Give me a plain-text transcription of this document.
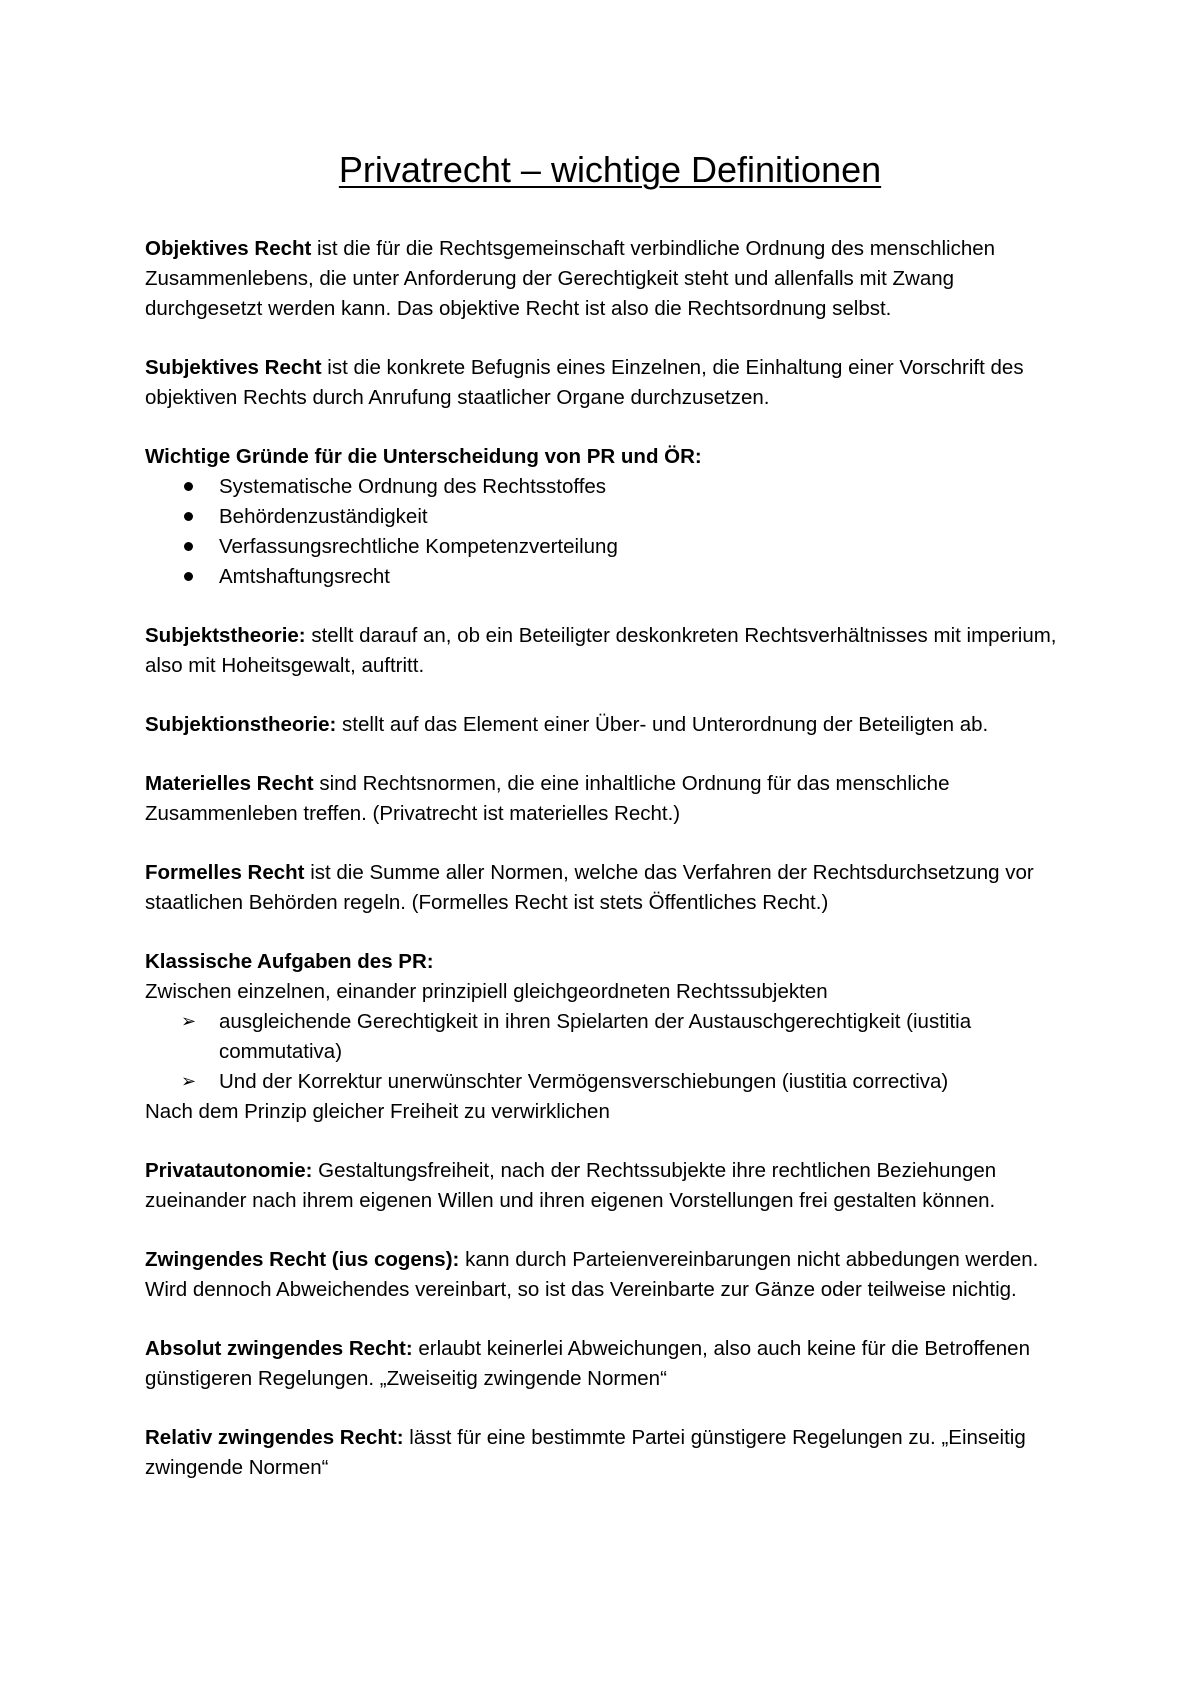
Privatrecht – wichtige Definitionen

Objektives Recht ist die für die Rechtsgemeinschaft verbindliche Ordnung des menschlichen Zusammenlebens, die unter Anforderung der Gerechtigkeit steht und allenfalls mit Zwang durchgesetzt werden kann. Das objektive Recht ist also die Rechtsordnung selbst.

Subjektives Recht ist die konkrete Befugnis eines Einzelnen, die Einhaltung einer Vorschrift des objektiven Rechts durch Anrufung staatlicher Organe durchzusetzen.

Wichtige Gründe für die Unterscheidung von PR und ÖR:

Systematische Ordnung des Rechtsstoffes
Behördenzuständigkeit
Verfassungsrechtliche Kompetenzverteilung
Amtshaftungsrecht

Subjektstheorie: stellt darauf an, ob ein Beteiligter deskonkreten Rechtsverhältnisses mit imperium, also mit Hoheitsgewalt, auftritt.

Subjektionstheorie: stellt auf das Element einer Über- und Unterordnung der Beteiligten ab.

Materielles Recht sind Rechtsnormen, die eine inhaltliche Ordnung für das menschliche Zusammenleben treffen. (Privatrecht ist materielles Recht.)

Formelles Recht ist die Summe aller Normen, welche das Verfahren der Rechtsdurchsetzung vor staatlichen Behörden regeln. (Formelles Recht ist stets Öffentliches Recht.)

Klassische Aufgaben des PR:

Zwischen einzelnen, einander prinzipiell gleichgeordneten Rechtssubjekten

➢ ausgleichende Gerechtigkeit in ihren Spielarten der Austauschgerechtigkeit (iustitia commutativa)
➢ Und der Korrektur unerwünschter Vermögensverschiebungen (iustitia correctiva)

Nach dem Prinzip gleicher Freiheit zu verwirklichen

Privatautonomie: Gestaltungsfreiheit, nach der Rechtssubjekte ihre rechtlichen Beziehungen zueinander nach ihrem eigenen Willen und ihren eigenen Vorstellungen frei gestalten können.

Zwingendes Recht (ius cogens): kann durch Parteienvereinbarungen nicht abbedungen werden. Wird dennoch Abweichendes vereinbart, so ist das Vereinbarte zur Gänze oder teilweise nichtig.

Absolut zwingendes Recht: erlaubt keinerlei Abweichungen, also auch keine für die Betroffenen günstigeren Regelungen. „Zweiseitig zwingende Normen“

Relativ zwingendes Recht: lässt für eine bestimmte Partei günstigere Regelungen zu. „Einseitig zwingende Normen“
